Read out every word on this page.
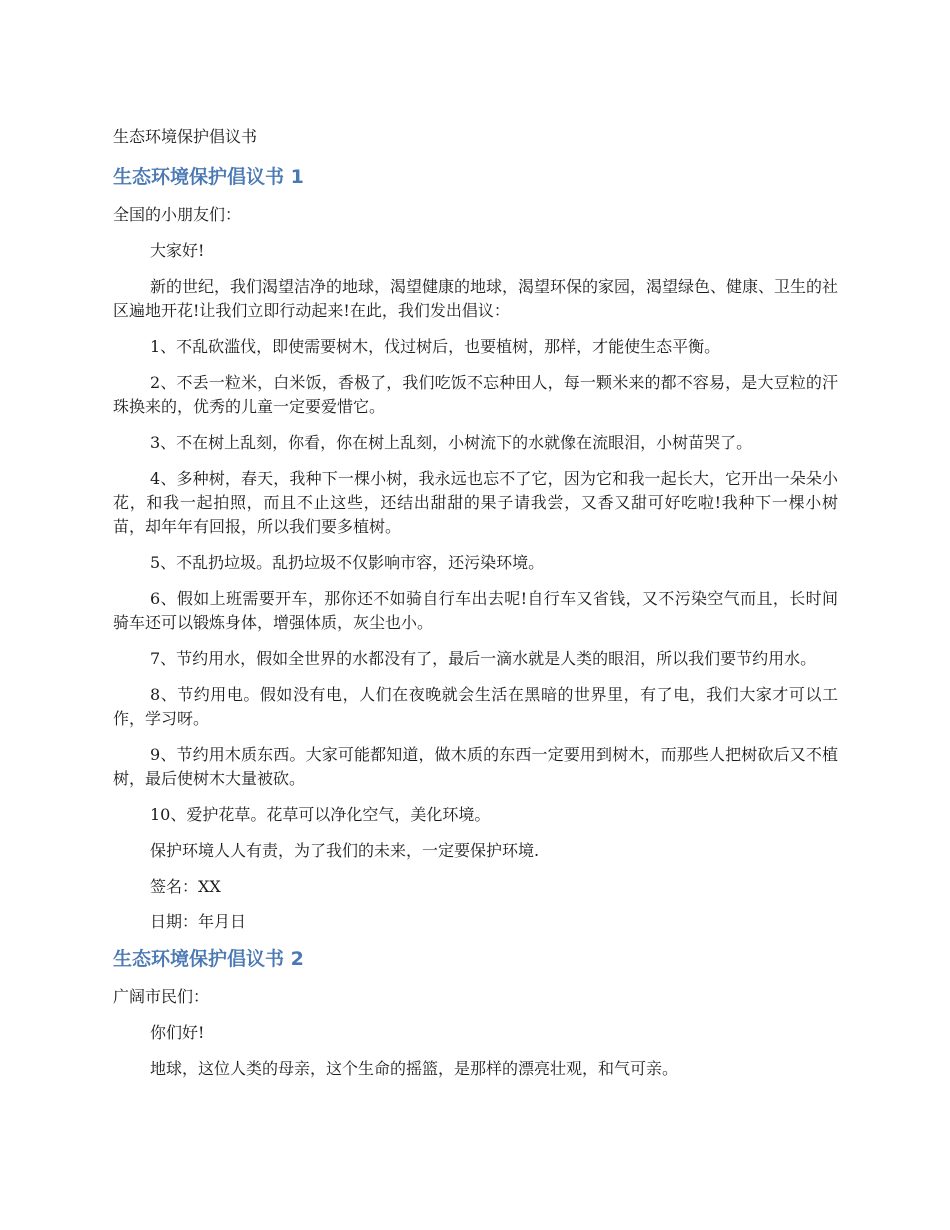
生态环境保护倡议书

生态环境保护倡议书 1

全国的小朋友们：

大家好!

新的世纪，我们渴望洁净的地球，渴望健康的地球，渴望环保的家园，渴望绿色、健康、卫生的社区遍地开花!让我们立即行动起来!在此，我们发出倡议：

1、不乱砍滥伐，即使需要树木，伐过树后，也要植树，那样，才能使生态平衡。

2、不丢一粒米，白米饭，香极了，我们吃饭不忘种田人，每一颗米来的都不容易，是大豆粒的汗珠换来的，优秀的儿童一定要爱惜它。

3、不在树上乱刻，你看，你在树上乱刻，小树流下的水就像在流眼泪，小树苗哭了。

4、多种树，春天，我种下一棵小树，我永远也忘不了它，因为它和我一起长大，它开出一朵朵小花，和我一起拍照，而且不止这些，还结出甜甜的果子请我尝，又香又甜可好吃啦!我种下一棵小树苗，却年年有回报，所以我们要多植树。

5、不乱扔垃圾。乱扔垃圾不仅影响市容，还污染环境。

6、假如上班需要开车，那你还不如骑自行车出去呢!自行车又省钱，又不污染空气而且，长时间骑车还可以锻炼身体，增强体质，灰尘也小。

7、节约用水，假如全世界的水都没有了，最后一滴水就是人类的眼泪，所以我们要节约用水。

8、节约用电。假如没有电，人们在夜晚就会生活在黑暗的世界里，有了电，我们大家才可以工作，学习呀。

9、节约用木质东西。大家可能都知道，做木质的东西一定要用到树木，而那些人把树砍后又不植树，最后使树木大量被砍。

10、爱护花草。花草可以净化空气，美化环境。

保护环境人人有责，为了我们的未来，一定要保护环境.

签名：XX

日期：年月日

生态环境保护倡议书 2

广阔市民们：

你们好!

地球，这位人类的母亲，这个生命的摇篮，是那样的漂亮壮观，和气可亲。
